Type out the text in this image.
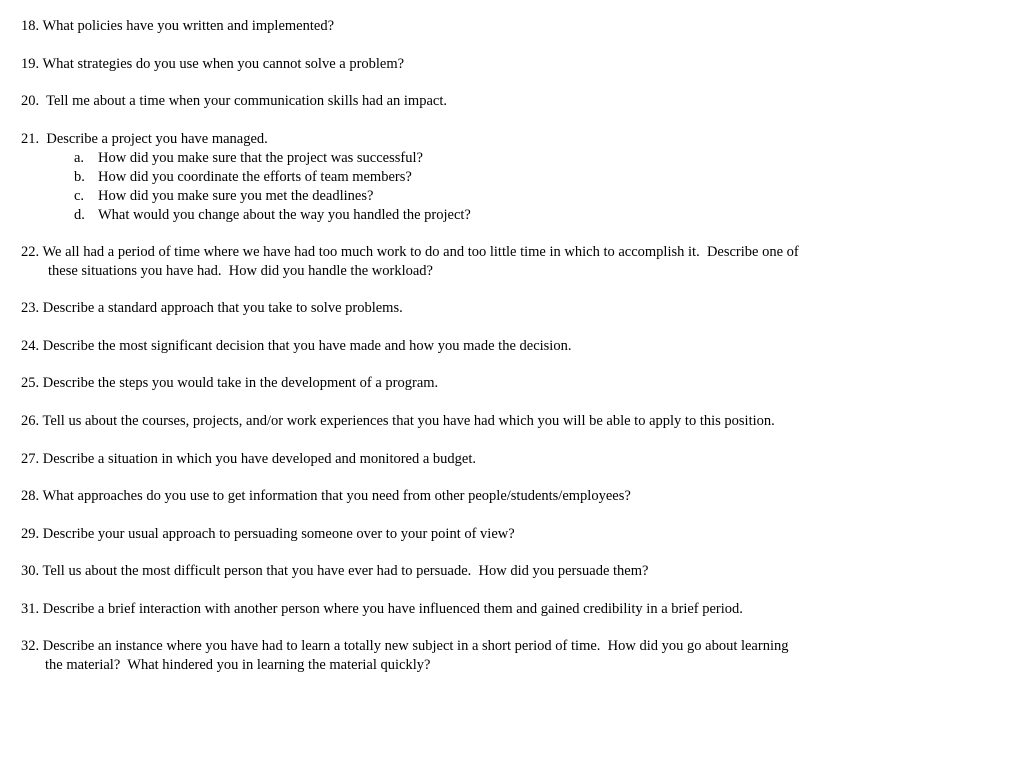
18. What policies have you written and implemented?
19. What strategies do you use when you cannot solve a problem?
20.  Tell me about a time when your communication skills had an impact.
21.  Describe a project you have managed.
a. How did you make sure that the project was successful?
b. How did you coordinate the efforts of team members?
c. How did you make sure you met the deadlines?
d. What would you change about the way you handled the project?
22. We all had a period of time where we have had too much work to do and too little time in which to accomplish it.  Describe one of
these situations you have had.  How did you handle the workload?
23. Describe a standard approach that you take to solve problems.
24. Describe the most significant decision that you have made and how you made the decision.
25. Describe the steps you would take in the development of a program.
26. Tell us about the courses, projects, and/or work experiences that you have had which you will be able to apply to this position.
27. Describe a situation in which you have developed and monitored a budget.
28. What approaches do you use to get information that you need from other people/students/employees?
29. Describe your usual approach to persuading someone over to your point of view?
30. Tell us about the most difficult person that you have ever had to persuade.  How did you persuade them?
31. Describe a brief interaction with another person where you have influenced them and gained credibility in a brief period.
32. Describe an instance where you have had to learn a totally new subject in a short period of time.  How did you go about learning
the material?  What hindered you in learning the material quickly?
